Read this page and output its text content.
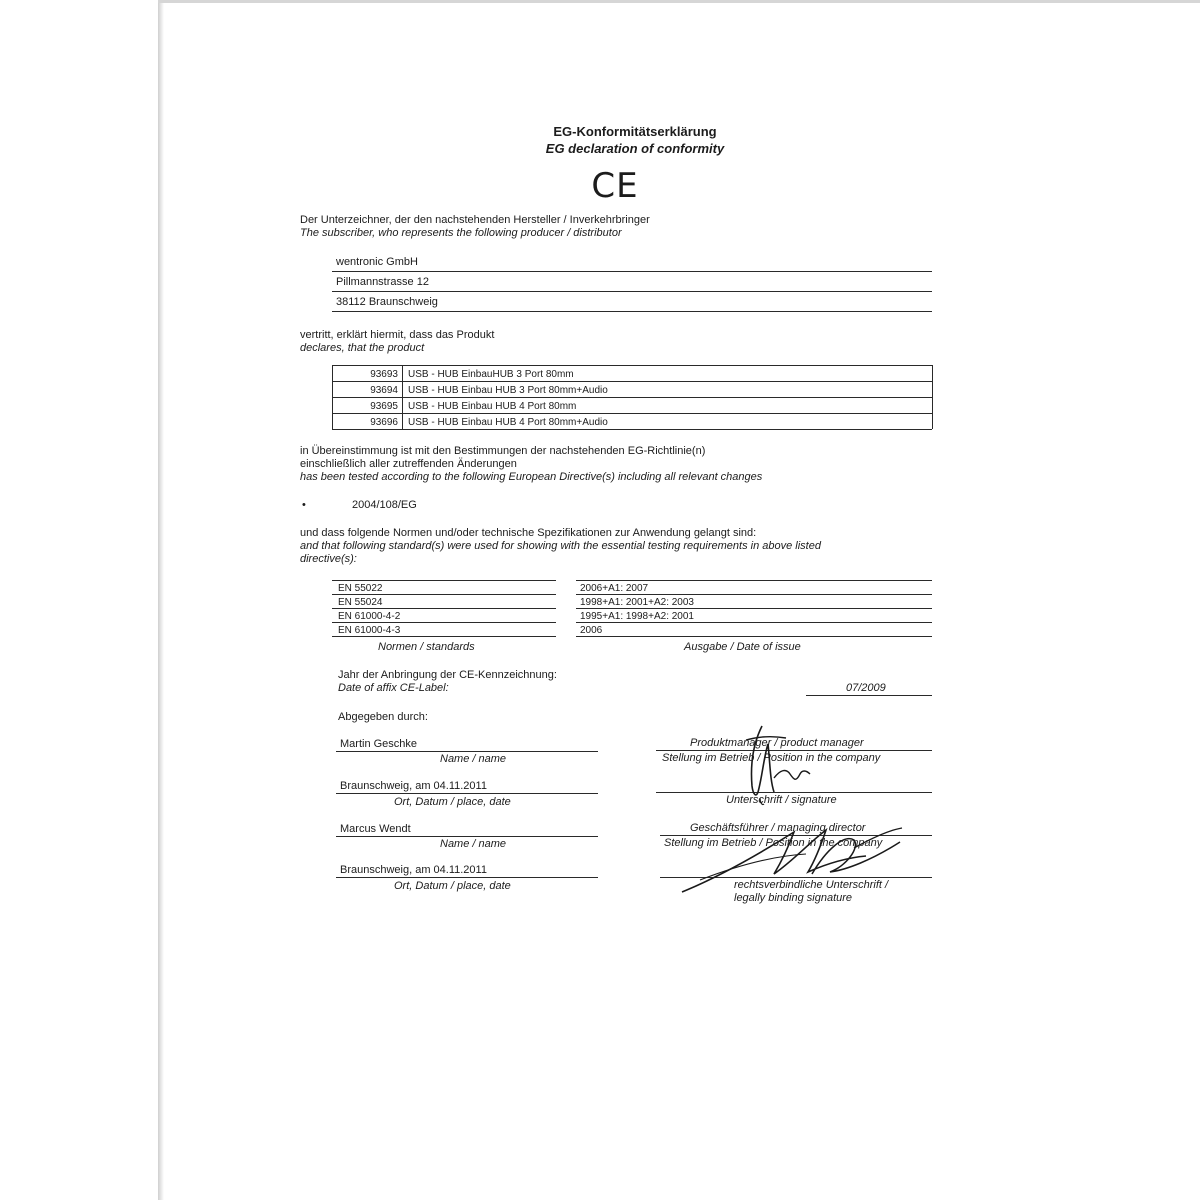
EG-Konformitätserklärung
EG declaration of conformity
CE
Der Unterzeichner, der den nachstehenden Hersteller / Inverkehrbringer
The subscriber, who represents the following producer / distributor
wentronic GmbH
Pillmannstrasse 12
38112 Braunschweig
vertritt, erklärt hiermit, dass das Produkt
declares, that the product
93693 USB - HUB EinbauHUB 3 Port 80mm
93694 USB - HUB Einbau HUB 3 Port 80mm+Audio
93695 USB - HUB Einbau HUB 4 Port 80mm
93696 USB - HUB Einbau HUB 4 Port 80mm+Audio
in Übereinstimmung ist mit den Bestimmungen der nachstehenden EG-Richtlinie(n)
einschließlich aller zutreffenden Änderungen
has been tested according to the following European Directive(s) including all relevant changes
•	2004/108/EG
und dass folgende Normen und/oder technische Spezifikationen zur Anwendung gelangt sind:
and that following standard(s) were used for showing with the essential testing requirements in above listed
directive(s):
EN 55022	2006+A1: 2007
EN 55024	1998+A1: 2001+A2: 2003
EN 61000-4-2	1995+A1: 1998+A2: 2001
EN 61000-4-3	2006
Normen / standards	Ausgabe / Date of issue
Jahr der Anbringung der CE-Kennzeichnung:
Date of affix CE-Label:	07/2009
Abgegeben durch:
Martin Geschke
Name / name
Produktmanager / product manager
Stellung im Betrieb / Position in the company
Braunschweig, am 04.11.2011
Ort, Datum / place, date	Unterschrift / signature
Marcus Wendt
Name / name
Geschäftsführer / managing director
Stellung im Betrieb / Position in the company
Braunschweig, am 04.11.2011
Ort, Datum / place, date	rechtsverbindliche Unterschrift /
legally binding signature
